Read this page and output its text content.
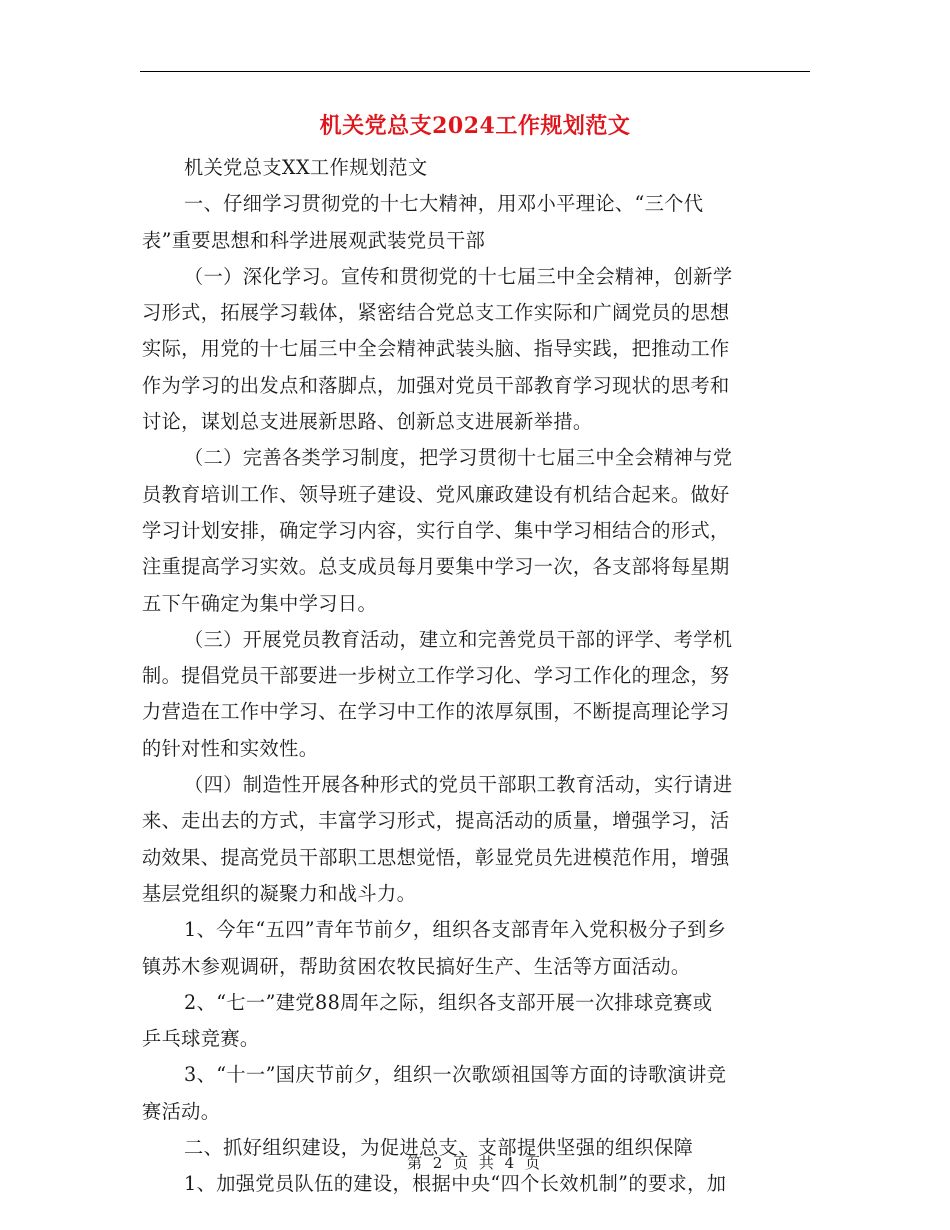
机关党总支2024工作规划范文
机关党总支XX工作规划范文
一、仔细学习贯彻党的十七大精神，用邓小平理论、“三个代
表”重要思想和科学进展观武装党员干部
（一）深化学习。宣传和贯彻党的十七届三中全会精神，创新学
习形式，拓展学习载体，紧密结合党总支工作实际和广阔党员的思想
实际，用党的十七届三中全会精神武装头脑、指导实践，把推动工作
作为学习的出发点和落脚点，加强对党员干部教育学习现状的思考和
讨论，谋划总支进展新思路、创新总支进展新举措。
（二）完善各类学习制度，把学习贯彻十七届三中全会精神与党
员教育培训工作、领导班子建设、党风廉政建设有机结合起来。做好
学习计划安排，确定学习内容，实行自学、集中学习相结合的形式，
注重提高学习实效。总支成员每月要集中学习一次，各支部将每星期
五下午确定为集中学习日。
（三）开展党员教育活动，建立和完善党员干部的评学、考学机
制。提倡党员干部要进一步树立工作学习化、学习工作化的理念，努
力营造在工作中学习、在学习中工作的浓厚氛围，不断提高理论学习
的针对性和实效性。
（四）制造性开展各种形式的党员干部职工教育活动，实行请进
来、走出去的方式，丰富学习形式，提高活动的质量，增强学习，活
动效果、提高党员干部职工思想觉悟，彰显党员先进模范作用，增强
基层党组织的凝聚力和战斗力。
1、今年“五四”青年节前夕，组织各支部青年入党积极分子到乡
镇苏木参观调研，帮助贫困农牧民搞好生产、生活等方面活动。
2、“七一”建党88周年之际，组织各支部开展一次排球竞赛或
乒乓球竞赛。
3、“十一”国庆节前夕，组织一次歌颂祖国等方面的诗歌演讲竞
赛活动。
二、抓好组织建设，为促进总支、支部提供坚强的组织保障
1、加强党员队伍的建设，根据中央“四个长效机制”的要求，加
第 2 页 共 4 页
